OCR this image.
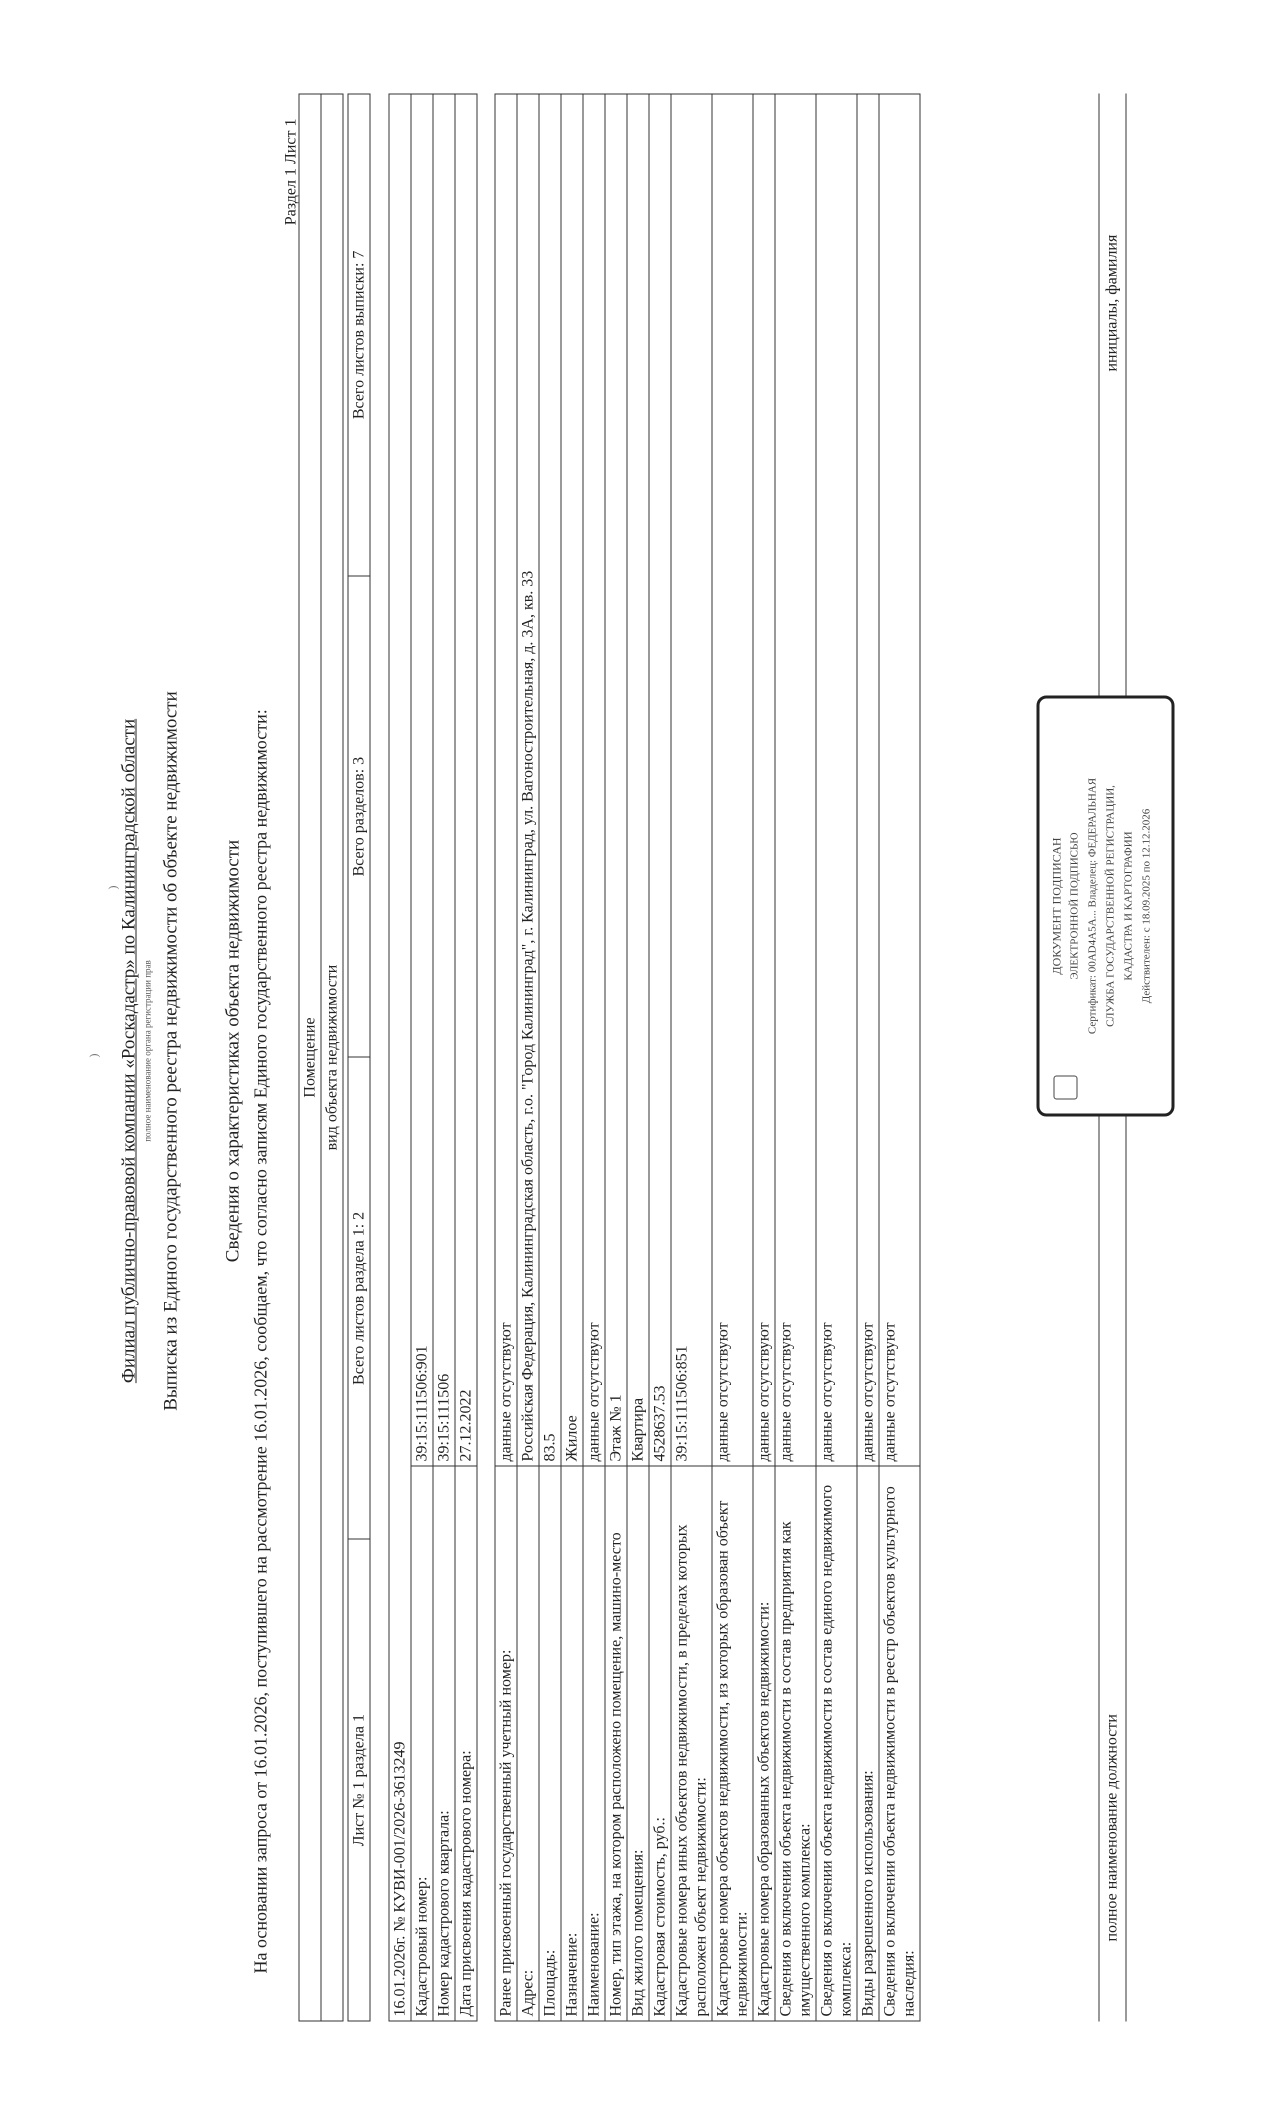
)
) Филиал публично-правовой компании «Роскадастр» по Калининградской области полное наименование органа регистрации прав Выписка из Единого государственного реестра недвижимости об объекте недвижимости Сведения о характеристиках объекта недвижимости На основании запроса от 16.01.2026, поступившего на рассмотрение 16.01.2026, сообщаем, что согласно записям Единого государственного реестра недвижимости:
Раздел 1 Лист 1
Помещение
вид объекта недвижимости

Лист № 1 раздела 1	Всего листов раздела 1: 2	Всего разделов: 3	Всего листов выписки: 7
16.01.2026г. № КУВИ-001/2026-3613249	
Кадастровый номер:	39:15:111506:901
Номер кадастрового квартала:	39:15:111506
Дата присвоения кадастрового номера:	27.12.2022
Ранее присвоенный государственный учетный номер:	данные отсутствуют
Адрес:	Российская Федерация, Калининградская область, г.о. "Город Калининград", г. Калининград, ул. Вагоностроительная, д. 3А, кв. 33
Площадь:	83.5
Назначение:	Жилое
Наименование:	данные отсутствуют
Номер, тип этажа, на котором расположено помещение, машино-место	Этаж № 1
Вид жилого помещения:	Квартира
Кадастровая стоимость, руб.:	4528637.53
Кадастровые номера иных объектов недвижимости, в пределах которых расположен объект недвижимости:	39:15:111506:851
Кадастровые номера объектов недвижимости, из которых образован объект недвижимости:	данные отсутствуют
Кадастровые номера образованных объектов недвижимости:	данные отсутствуют
Сведения о включении объекта недвижимости в состав предприятия как имущественного комплекса:	данные отсутствуют
Сведения о включении объекта недвижимости в состав единого недвижимого комплекса:	данные отсутствуют
Виды разрешенного использования:	данные отсутствуют
Сведения о включении объекта недвижимости в реестр объектов культурного наследия:	данные отсутствуют
полное наименование должности
инициалы, фамилия
ДОКУМЕНТ ПОДПИСАН ЭЛЕКТРОННОЙ ПОДПИСЬЮ Сертификат: 00AD4A5A... Владелец: ФЕДЕРАЛЬНАЯ СЛУЖБА ГОСУДАРСТВЕННОЙ РЕГИСТРАЦИИ, КАДАСТРА И КАРТОГРАФИИ Действителен: с 18.09.2025 по 12.12.2026
